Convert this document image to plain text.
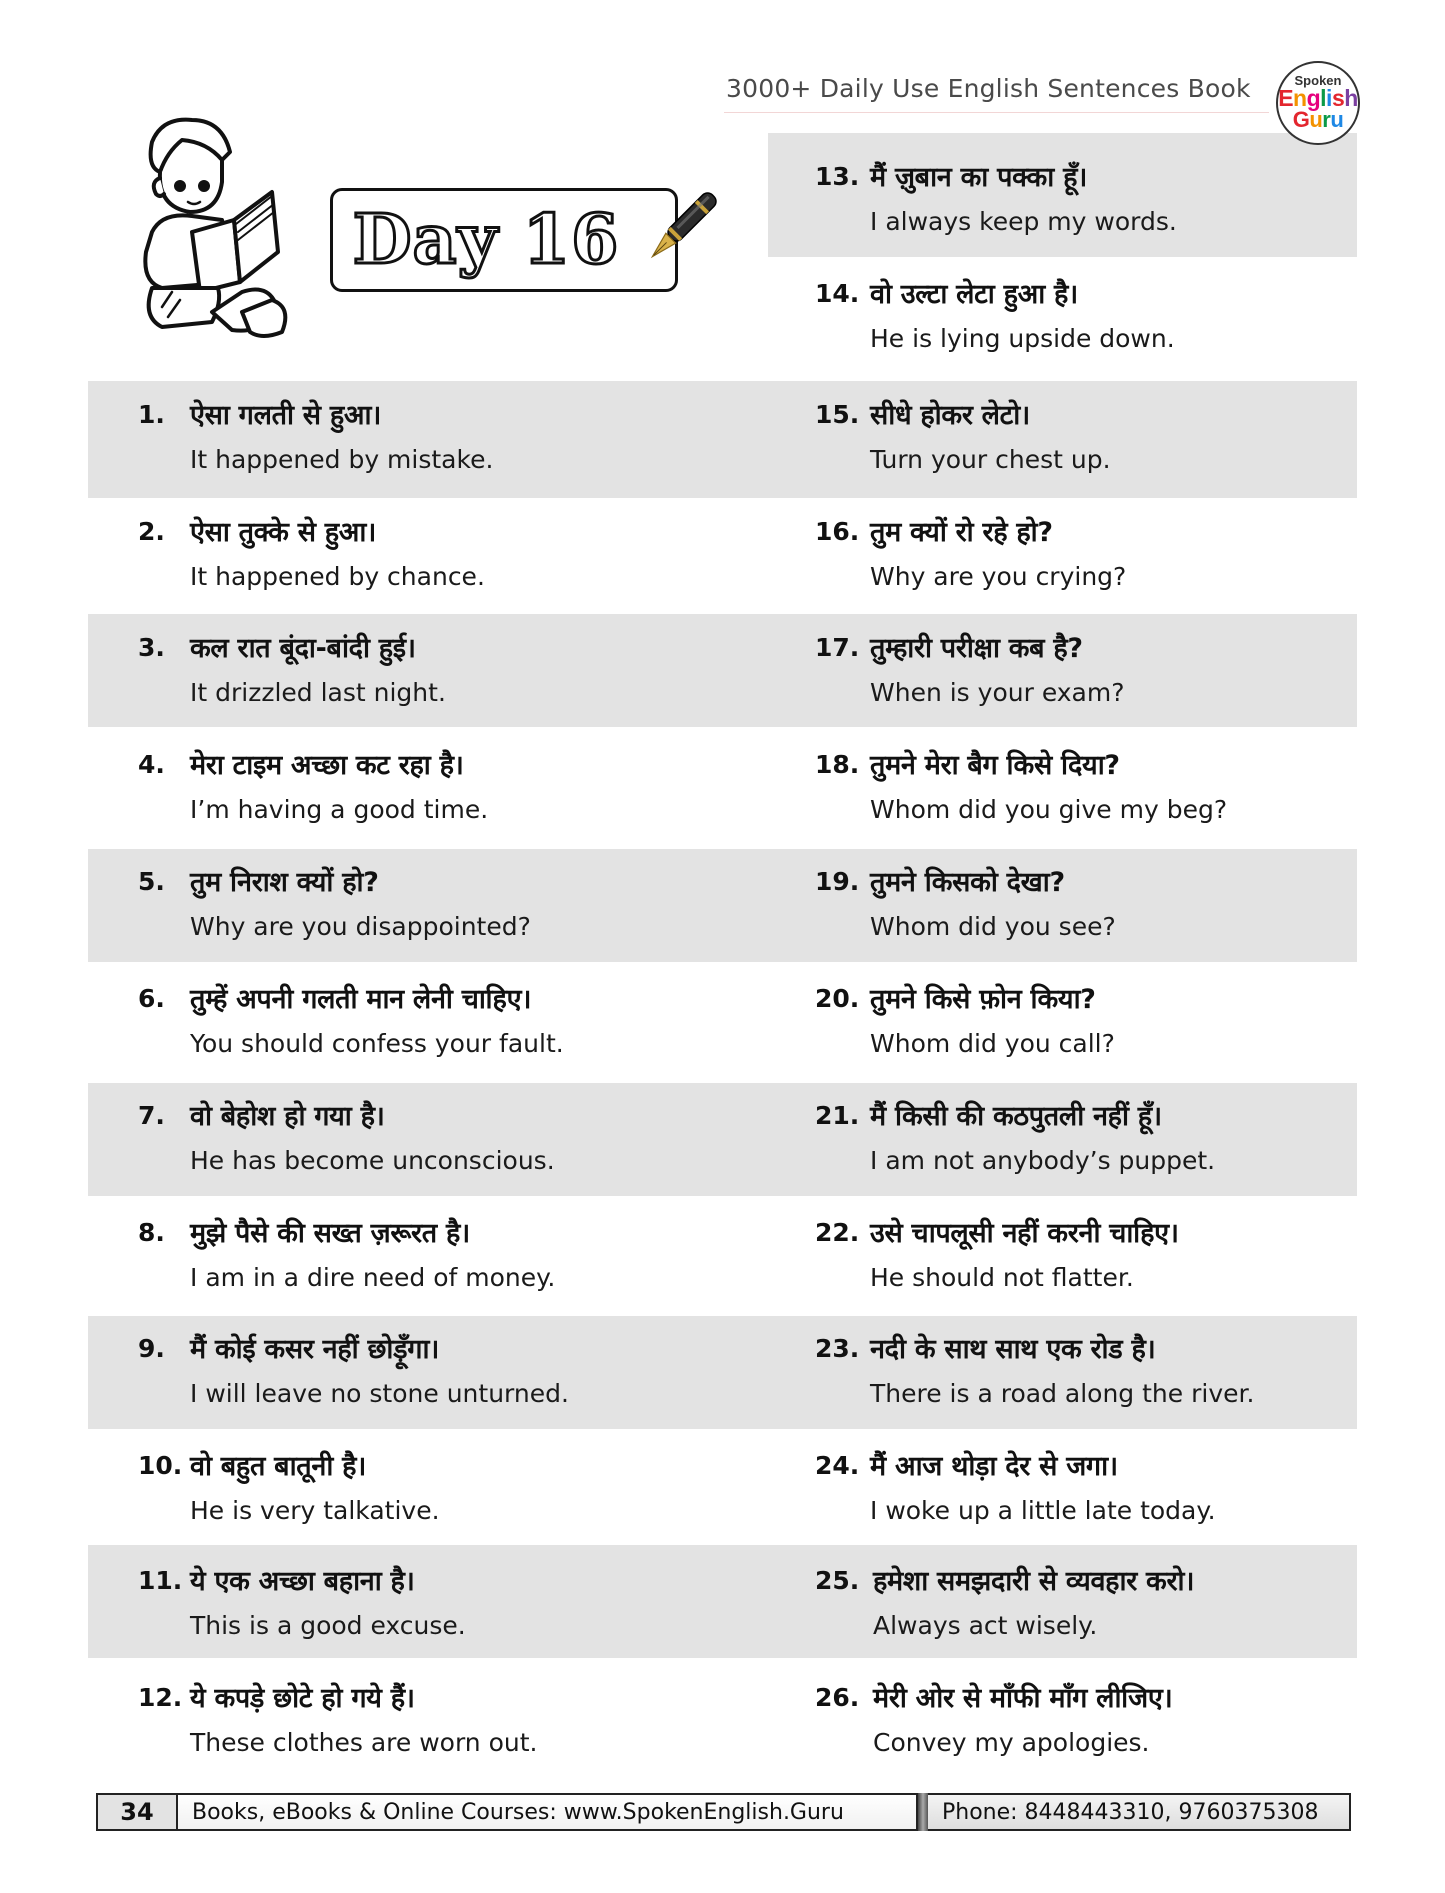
3000+ Daily Use English Sentences Book	Spoken
English
Guru
Day 16
1. ऐसा गलती से हुआ।
It happened by mistake.
2. ऐसा तुक्के से हुआ।
It happened by chance.
3. कल रात बूंदा-बांदी हुई।
It drizzled last night.
4. मेरा टाइम अच्छा कट रहा है।
I’m having a good time.
5. तुम निराश क्यों हो?
Why are you disappointed?
6. तुम्हें अपनी गलती मान लेनी चाहिए।
You should confess your fault.
7. वो बेहोश हो गया है।
He has become unconscious.
8. मुझे पैसे की सख्त ज़रूरत है।
I am in a dire need of money.
9. मैं कोई कसर नहीं छोड़ूँगा।
I will leave no stone unturned.
10. वो बहुत बातूनी है।
He is very talkative.
11. ये एक अच्छा बहाना है।
This is a good excuse.
12. ये कपड़े छोटे हो गये हैं।
These clothes are worn out.
13. मैं ज़ुबान का पक्का हूँ।
I always keep my words.
14. वो उल्टा लेटा हुआ है।
He is lying upside down.
15. सीधे होकर लेटो।
Turn your chest up.
16. तुम क्यों रो रहे हो?
Why are you crying?
17. तुम्हारी परीक्षा कब है?
When is your exam?
18. तुमने मेरा बैग किसे दिया?
Whom did you give my beg?
19. तुमने किसको देखा?
Whom did you see?
20. तुमने किसे फ़ोन किया?
Whom did you call?
21. मैं किसी की कठपुतली नहीं हूँ।
I am not anybody’s puppet.
22. उसे चापलूसी नहीं करनी चाहिए।
He should not flatter.
23. नदी के साथ साथ एक रोड है।
There is a road along the river.
24. मैं आज थोड़ा देर से जगा।
I woke up a little late today.
25. हमेशा समझदारी से व्यवहार करो।
Always act wisely.
26. मेरी ओर से माँफी माँग लीजिए।
Convey my apologies.
34	Books, eBooks & Online Courses: www.SpokenEnglish.Guru	Phone: 8448443310, 9760375308
